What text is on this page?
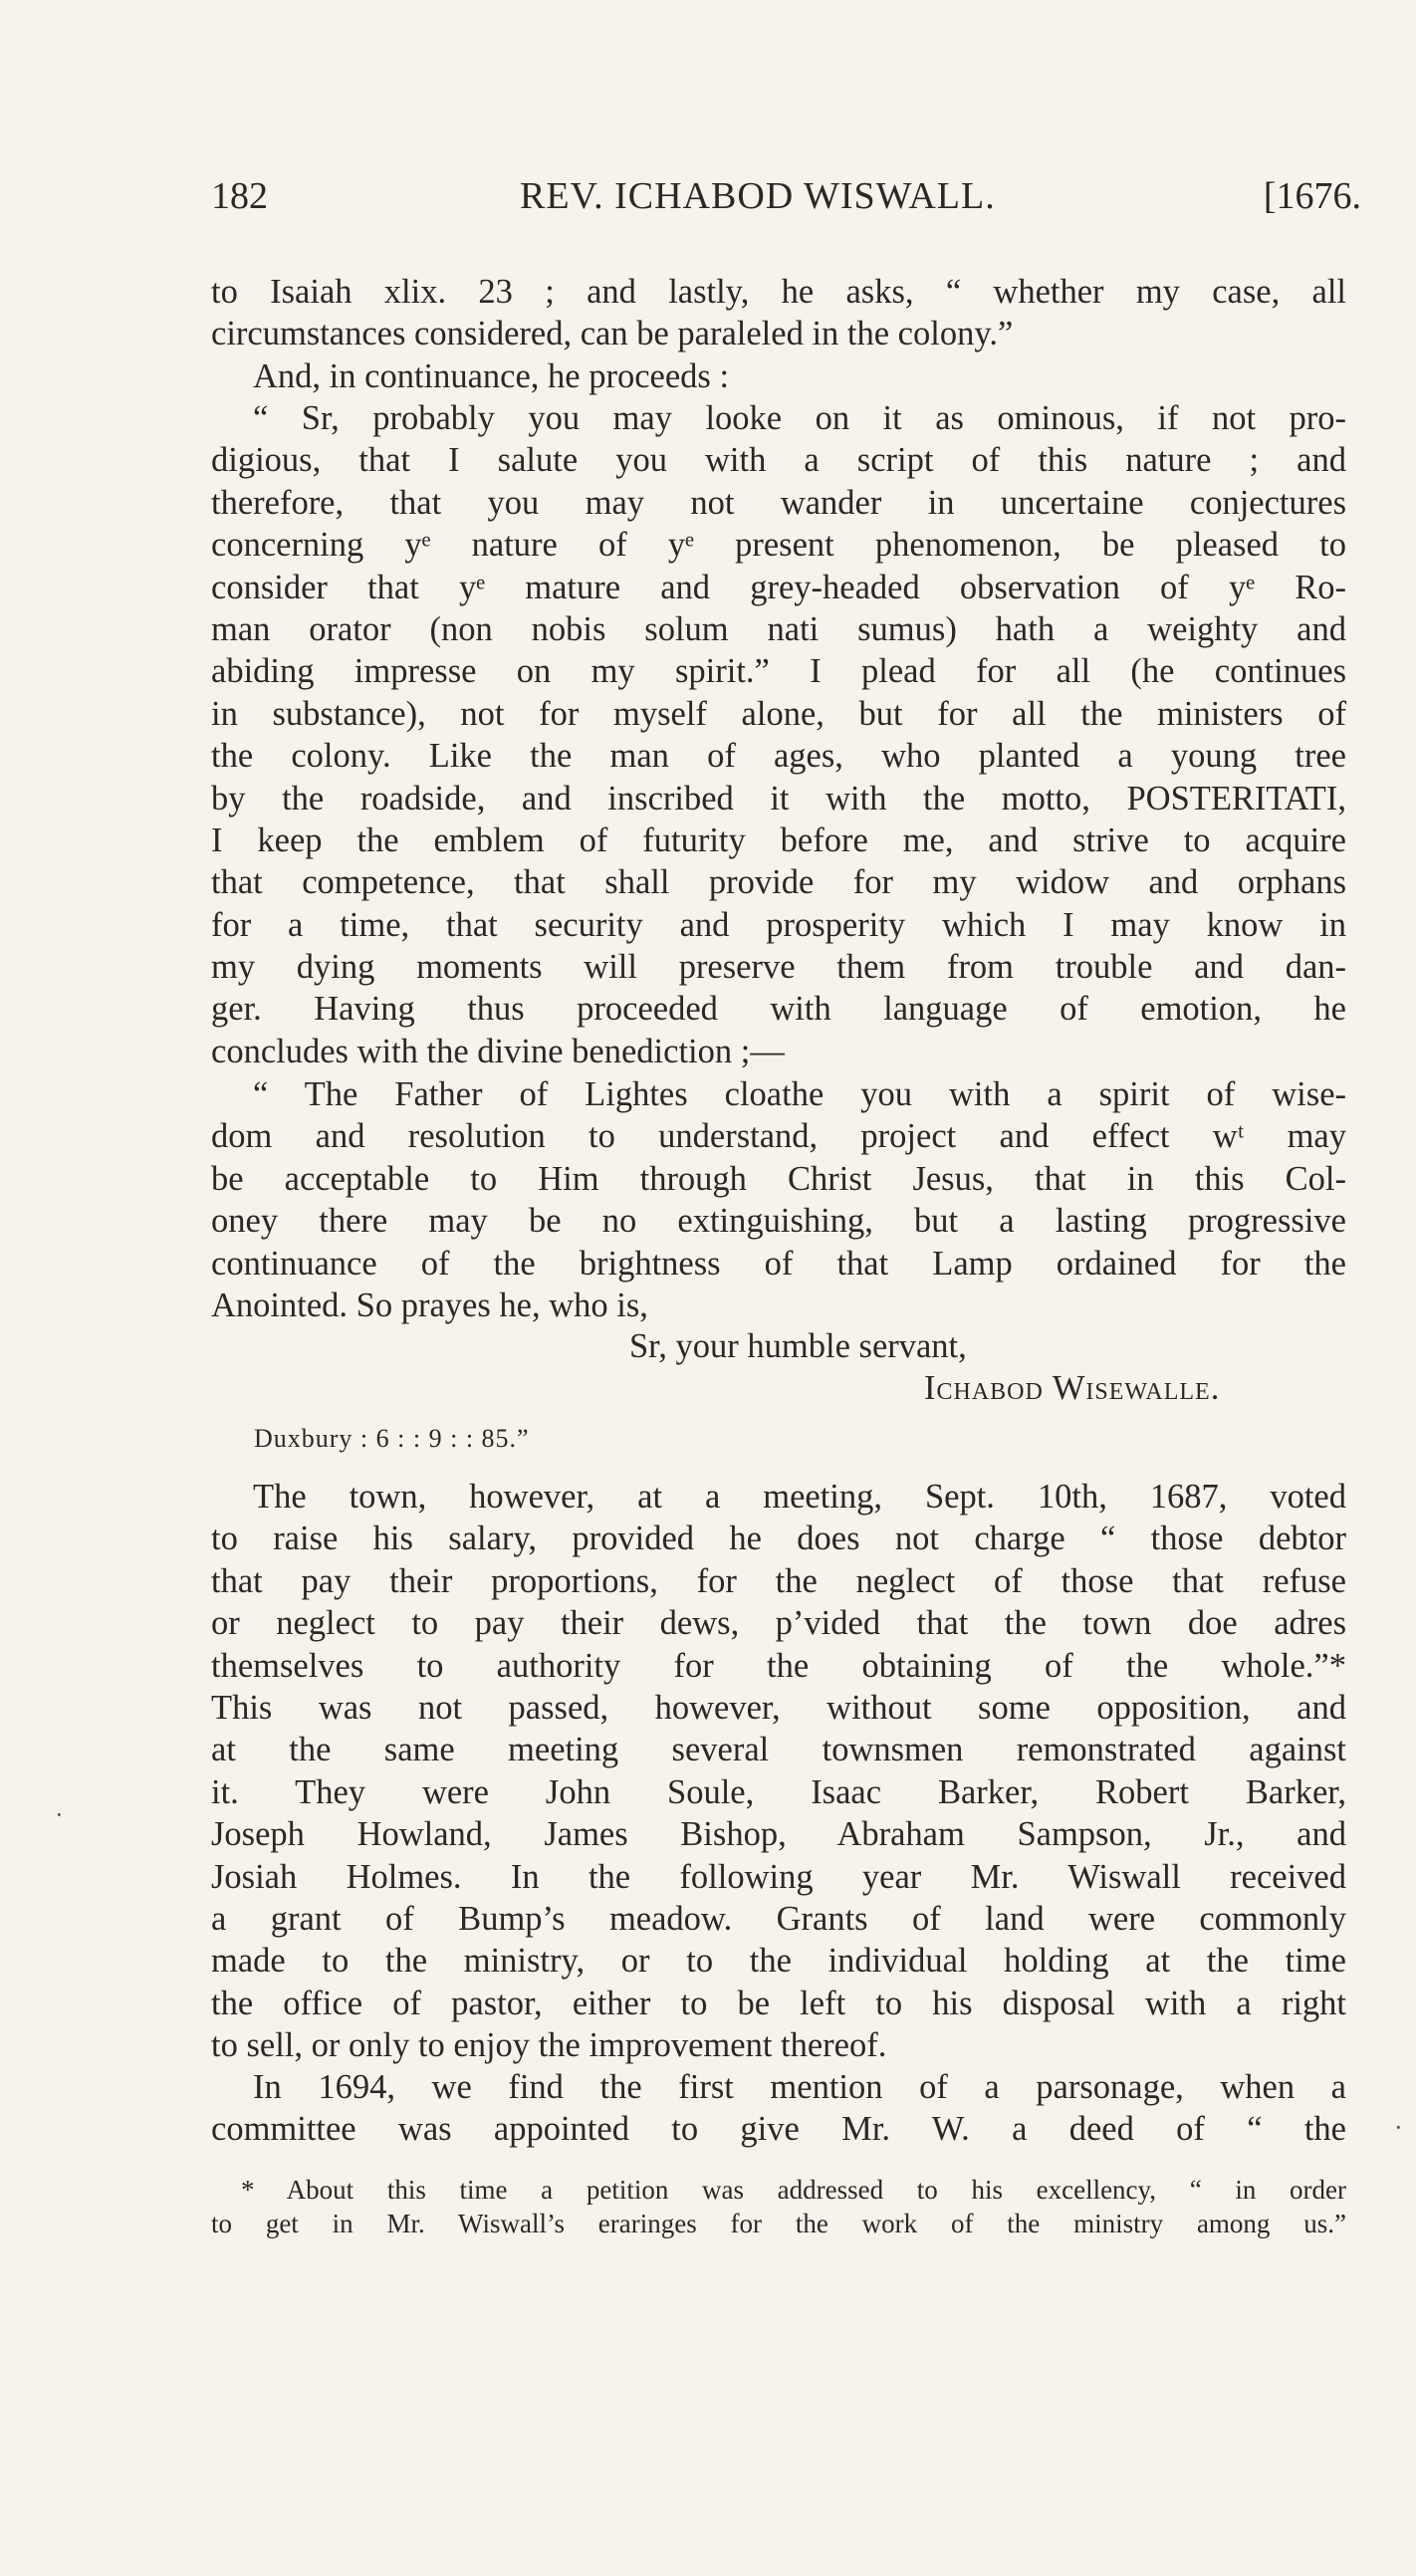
182	REV. ICHABOD WISWALL.	[1676.
to Isaiah xlix. 23 ; and lastly, he asks, “ whether my case, all
circumstances considered, can be paraleled in the colony.”
And, in continuance, he proceeds :
“ Sr, probably you may looke on it as ominous, if not pro-
digious, that I salute you with a script of this nature ; and
therefore, that you may not wander in uncertaine conjectures
concerning yᵉ nature of yᵉ present phenomenon, be pleased to
consider that yᵉ mature and grey-headed observation of yᵉ Ro-
man orator (non nobis solum nati sumus) hath a weighty and
abiding impresse on my spirit.” I plead for all (he continues
in substance), not for myself alone, but for all the ministers of
the colony. Like the man of ages, who planted a young tree
by the roadside, and inscribed it with the motto, POSTERITATI,
I keep the emblem of futurity before me, and strive to acquire
that competence, that shall provide for my widow and orphans
for a time, that security and prosperity which I may know in
my dying moments will preserve them from trouble and dan-
ger. Having thus proceeded with language of emotion, he
concludes with the divine benediction ;—
“ The Father of Lightes cloathe you with a spirit of wise-
dom and resolution to understand, project and effect wᵗ may
be acceptable to Him through Christ Jesus, that in this Col-
oney there may be no extinguishing, but a lasting progressive
continuance of the brightness of that Lamp ordained for the
Anointed. So prayes he, who is,
Sr, your humble servant,
Ichabod Wisewalle.
Duxbury : 6 : : 9 : : 85.”
The town, however, at a meeting, Sept. 10th, 1687, voted
to raise his salary, provided he does not charge “ those debtor
that pay their proportions, for the neglect of those that refuse
or neglect to pay their dews, p’vided that the town doe adres
themselves to authority for the obtaining of the whole.”*
This was not passed, however, without some opposition, and
at the same meeting several townsmen remonstrated against
it. They were John Soule, Isaac Barker, Robert Barker,
Joseph Howland, James Bishop, Abraham Sampson, Jr., and
Josiah Holmes. In the following year Mr. Wiswall received
a grant of Bump’s meadow. Grants of land were commonly
made to the ministry, or to the individual holding at the time
the office of pastor, either to be left to his disposal with a right
to sell, or only to enjoy the improvement thereof.
In 1694, we find the first mention of a parsonage, when a
committee was appointed to give Mr. W. a deed of “ the
* About this time a petition was addressed to his excellency, “ in order
to get in Mr. Wiswall’s eraringes for the work of the ministry among us.”
·
·
